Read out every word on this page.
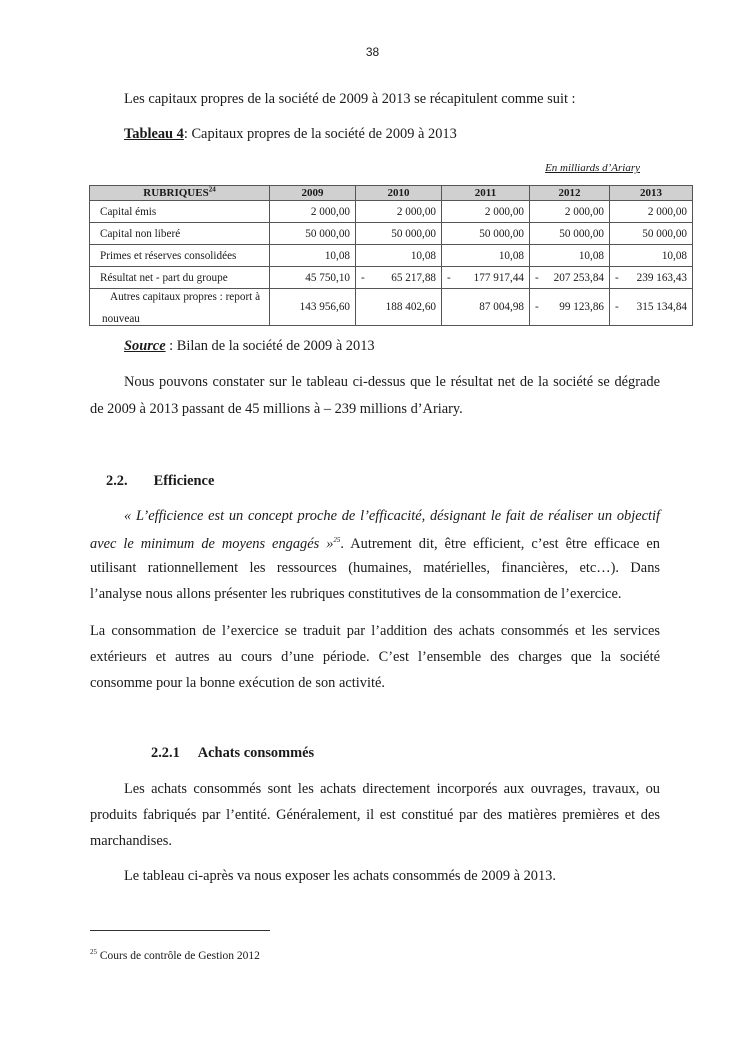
38
Les capitaux propres de la société de 2009 à 2013 se récapitulent comme suit :
Tableau 4: Capitaux propres de la société de 2009 à 2013
En milliards d’Ariary
RUBRIQUES$^{24}$	2009	2010	2011	2012	2013
Capital émis	2 000,00	2 000,00	2 000,00	2 000,00	2 000,00
Capital non liberé	50 000,00	50 000,00	50 000,00	50 000,00	50 000,00
Primes et réserves consolidées	10,08	10,08	10,08	10,08	10,08
Résultat net - part du groupe	45 750,10	- 65 217,88	- 177 917,44	- 207 253,84	- 239 163,43

Autres capitaux propres : report à
nouveau	143 956,60	188 402,60	87 004,98	- 99 123,86	- 315 134,84
Source : Bilan de la société de 2009 à 2013
Nous pouvons constater sur le tableau ci-dessus que le résultat net de la société se dégrade
de 2009 à 2013 passant de 45 millions à – 239 millions d’Ariary.
2.2. Efficience
« L’efficience est un concept proche de l’efficacité, désignant le fait de réaliser un objectif
avec le minimum de moyens engagés »$^{25}$. Autrement dit, être efficient, c’est être efficace en
utilisant rationnellement les ressources (humaines, matérielles, financières, etc…). Dans
l’analyse nous allons présenter les rubriques constitutives de la consommation de l’exercice.
La consommation de l’exercice se traduit par l’addition des achats consommés et les services
extérieurs et autres au cours d’une période. C’est l’ensemble des charges que la société
consomme pour la bonne exécution de son activité.
2.2.1 Achats consommés
Les achats consommés sont les achats directement incorporés aux ouvrages, travaux, ou
produits fabriqués par l’entité. Généralement, il est constitué par des matières premières et des
marchandises.
Le tableau ci-après va nous exposer les achats consommés de 2009 à 2013.
$^{25}$ Cours de contrôle de Gestion 2012
